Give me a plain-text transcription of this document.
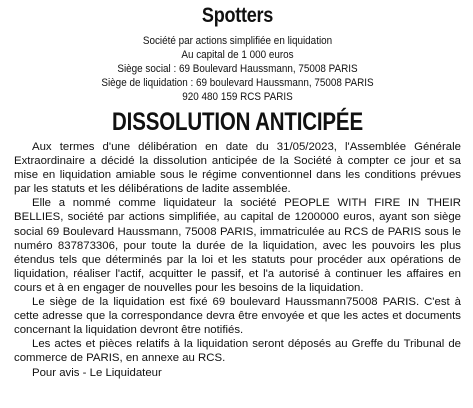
Spotters
Société par actions simplifiée en liquidation
Au capital de 1 000 euros
Siège social : 69 Boulevard Haussmann, 75008 PARIS
Siège de liquidation : 69 boulevard Haussmann, 75008 PARIS
920 480 159 RCS PARIS
DISSOLUTION ANTICIPÉE

Aux termes d'une délibération en date du 31/05/2023, l'Assemblée Générale Extraordinaire a décidé la dissolution anticipée de la Société à compter ce jour et sa mise en liquidation amiable sous le régime conventionnel dans les conditions prévues par les statuts et les délibérations de ladite assemblée.

Elle a nommé comme liquidateur la société PEOPLE WITH FIRE IN THEIR BELLIES, société par actions simplifiée, au capital de 1200000 euros, ayant son siège social 69 Boulevard Haussmann, 75008 PARIS, immatriculée au RCS de PARIS sous le numéro 837873306, pour toute la durée de la liquidation, avec les pouvoirs les plus étendus tels que déterminés par la loi et les statuts pour procéder aux opérations de liquidation, réaliser l'actif, acquitter le passif, et l'a autorisé à continuer les affaires en cours et à en engager de nouvelles pour les besoins de la liquidation.

Le siège de la liquidation est fixé 69 boulevard Haussmann75008 PARIS. C'est à cette adresse que la correspondance devra être envoyée et que les actes et documents concernant la liquidation devront être notifiés.

Les actes et pièces relatifs à la liquidation seront déposés au Greffe du Tribunal de commerce de PARIS, en annexe au RCS.

Pour avis - Le Liquidateur
